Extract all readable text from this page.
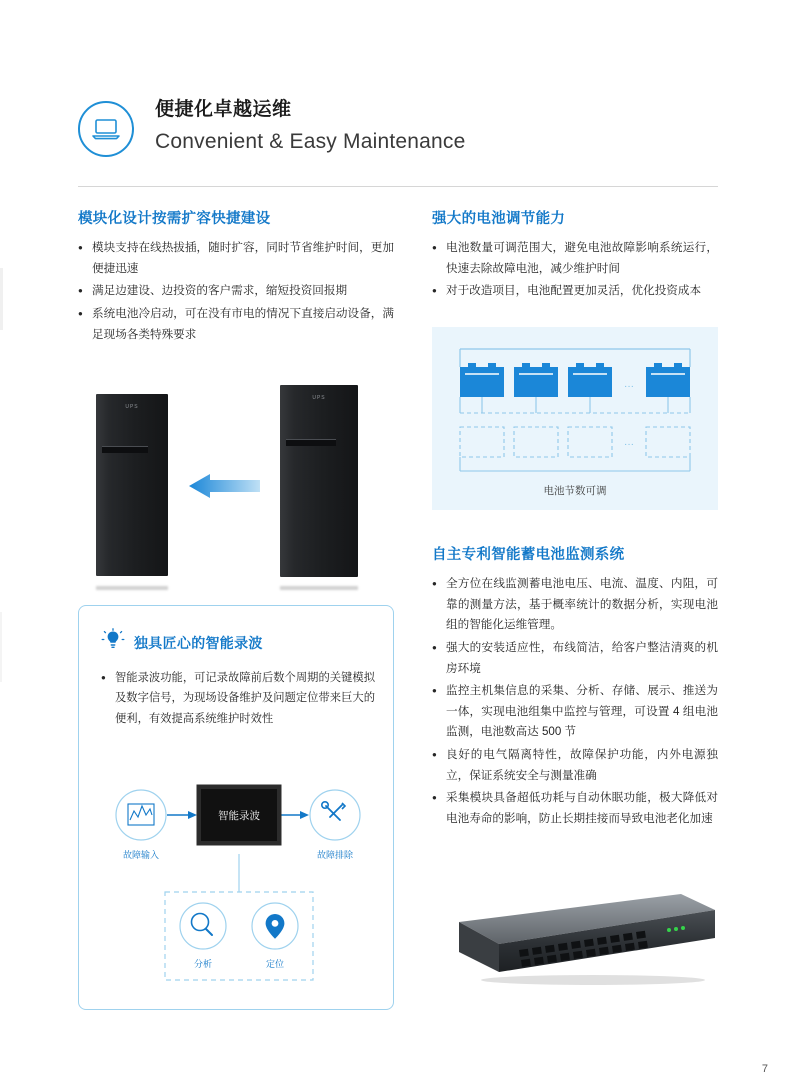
便捷化卓越运维
Convenient & Easy Maintenance
模块化设计按需扩容快捷建设
● 模块支持在线热拔插，随时扩容，同时节省维护时间，更加便捷迅速
● 满足边建设、边投资的客户需求，缩短投资回报期
● 系统电池冷启动，可在没有市电的情况下直接启动设备，满足现场各类特殊要求
UPS
UPS
独具匠心的智能录波
● 智能录波功能，可记录故障前后数个周期的关键模拟及数字信号，为现场设备维护及问题定位带来巨大的便利，有效提高系统维护时效性
故障输入
智能录波
故障排除
分析	定位
强大的电池调节能力
● 电池数量可调范围大，避免电池故障影响系统运行，快速去除故障电池，减少维护时间
● 对于改造项目，电池配置更加灵活，优化投资成本
···
···
电池节数可调
自主专利智能蓄电池监测系统
● 全方位在线监测蓄电池电压、电流、温度、内阻，可靠的测量方法，基于概率统计的数据分析，实现电池组的智能化运维管理。
● 强大的安装适应性，布线简洁，给客户整洁清爽的机房环境
● 监控主机集信息的采集、分析、存储、展示、推送为一体，实现电池组集中监控与管理，可设置 4 组电池监测，电池数高达 500 节
● 良好的电气隔离特性，故障保护功能，内外电源独立，保证系统安全与测量准确
● 采集模块具备超低功耗与自动休眠功能，极大降低对电池寿命的影响，防止长期挂接而导致电池老化加速
7
